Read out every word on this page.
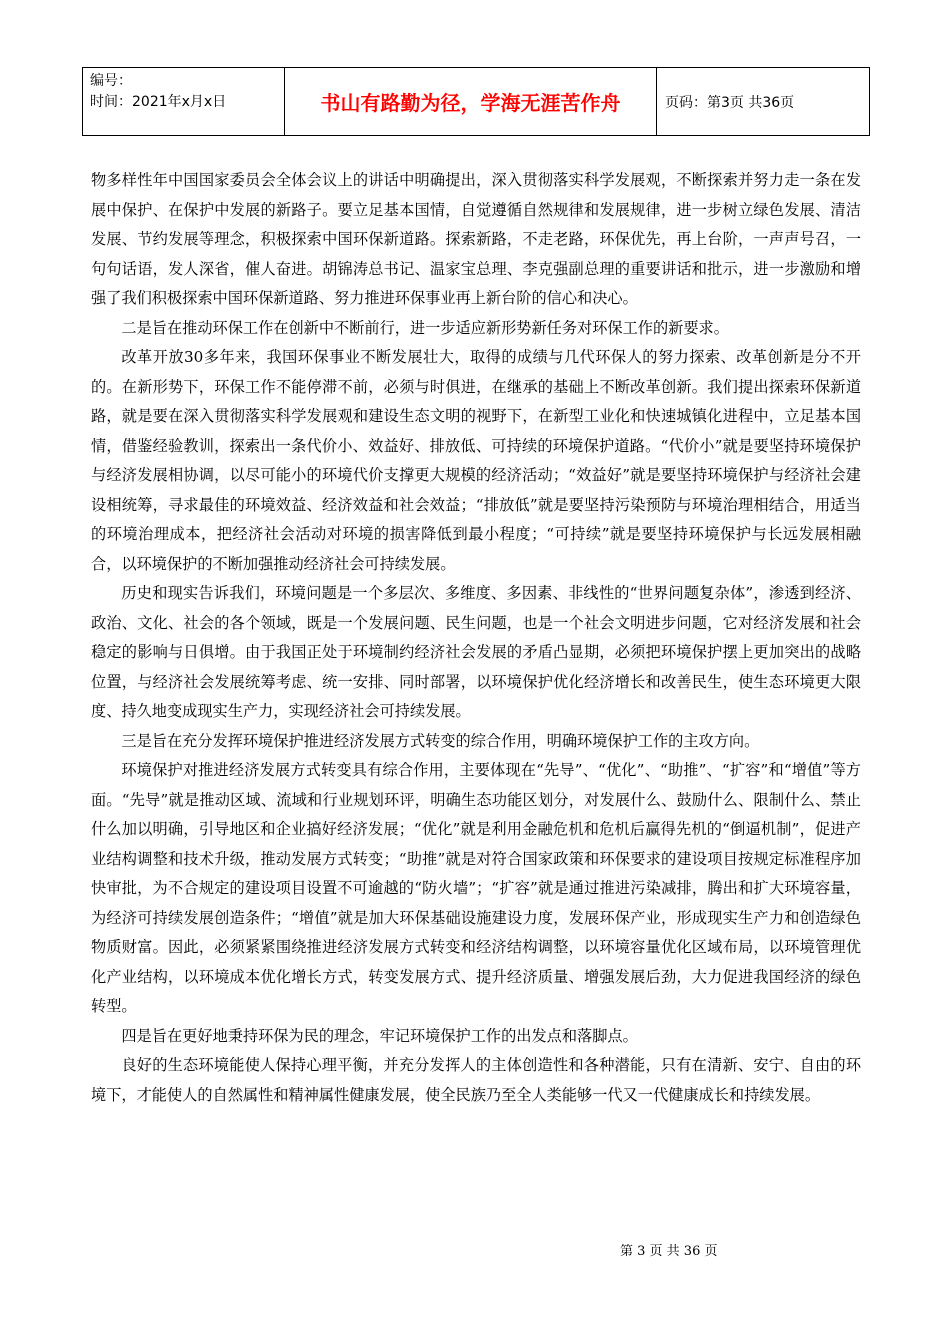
编号：
时间：2021年x月x日	书山有路勤为径，学海无涯苦作舟	页码：第3页 共36页

物多样性年中国国家委员会全体会议上的讲话中明确提出，深入贯彻落实科学发展观，不断探索并努力走一条在发展中保护、在保护中发展的新路子。要立足基本国情，自觉遵循自然规律和发展规律，进一步树立绿色发展、清洁发展、节约发展等理念，积极探索中国环保新道路。探索新路，不走老路，环保优先，再上台阶，一声声号召，一句句话语，发人深省，催人奋进。胡锦涛总书记、温家宝总理、李克强副总理的重要讲话和批示，进一步激励和增强了我们积极探索中国环保新道路、努力推进环保事业再上新台阶的信心和决心。

二是旨在推动环保工作在创新中不断前行，进一步适应新形势新任务对环保工作的新要求。

改革开放30多年来，我国环保事业不断发展壮大，取得的成绩与几代环保人的努力探索、改革创新是分不开的。在新形势下，环保工作不能停滞不前，必须与时俱进，在继承的基础上不断改革创新。我们提出探索环保新道路，就是要在深入贯彻落实科学发展观和建设生态文明的视野下，在新型工业化和快速城镇化进程中，立足基本国情，借鉴经验教训，探索出一条代价小、效益好、排放低、可持续的环境保护道路。“代价小”就是要坚持环境保护与经济发展相协调，以尽可能小的环境代价支撑更大规模的经济活动；“效益好”就是要坚持环境保护与经济社会建设相统筹，寻求最佳的环境效益、经济效益和社会效益；“排放低”就是要坚持污染预防与环境治理相结合，用适当的环境治理成本，把经济社会活动对环境的损害降低到最小程度；“可持续”就是要坚持环境保护与长远发展相融合，以环境保护的不断加强推动经济社会可持续发展。

历史和现实告诉我们，环境问题是一个多层次、多维度、多因素、非线性的“世界问题复杂体”，渗透到经济、政治、文化、社会的各个领域，既是一个发展问题、民生问题，也是一个社会文明进步问题，它对经济发展和社会稳定的影响与日俱增。由于我国正处于环境制约经济社会发展的矛盾凸显期，必须把环境保护摆上更加突出的战略位置，与经济社会发展统筹考虑、统一安排、同时部署，以环境保护优化经济增长和改善民生，使生态环境更大限度、持久地变成现实生产力，实现经济社会可持续发展。

三是旨在充分发挥环境保护推进经济发展方式转变的综合作用，明确环境保护工作的主攻方向。

环境保护对推进经济发展方式转变具有综合作用，主要体现在“先导”、“优化”、“助推”、“扩容”和“增值”等方面。“先导”就是推动区域、流域和行业规划环评，明确生态功能区划分，对发展什么、鼓励什么、限制什么、禁止什么加以明确，引导地区和企业搞好经济发展；“优化”就是利用金融危机和危机后赢得先机的“倒逼机制”，促进产业结构调整和技术升级，推动发展方式转变；“助推”就是对符合国家政策和环保要求的建设项目按规定标准程序加快审批，为不合规定的建设项目设置不可逾越的“防火墙”；“扩容”就是通过推进污染减排，腾出和扩大环境容量，为经济可持续发展创造条件；“增值”就是加大环保基础设施建设力度，发展环保产业，形成现实生产力和创造绿色物质财富。因此，必须紧紧围绕推进经济发展方式转变和经济结构调整，以环境容量优化区域布局，以环境管理优化产业结构，以环境成本优化增长方式，转变发展方式、提升经济质量、增强发展后劲，大力促进我国经济的绿色转型。

四是旨在更好地秉持环保为民的理念，牢记环境保护工作的出发点和落脚点。

良好的生态环境能使人保持心理平衡，并充分发挥人的主体创造性和各种潜能，只有在清新、安宁、自由的环境下，才能使人的自然属性和精神属性健康发展，使全民族乃至全人类能够一代又一代健康成长和持续发展。

第 3 页 共 36 页
